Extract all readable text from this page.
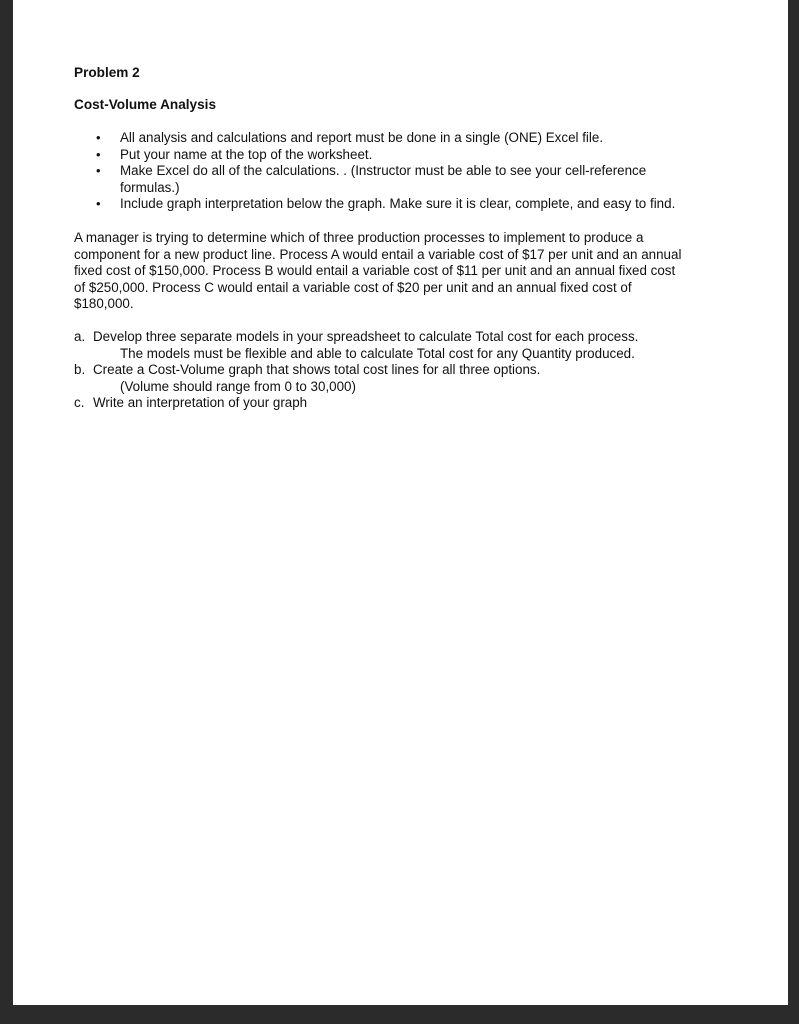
Problem 2
Cost-Volume Analysis
• All analysis and calculations and report must be done in a single (ONE) Excel file.
• Put your name at the top of the worksheet.
• Make Excel do all of the calculations. . (Instructor must be able to see your cell-reference
formulas.)
• Include graph interpretation below the graph. Make sure it is clear, complete, and easy to find.
A manager is trying to determine which of three production processes to implement to produce a
component for a new product line. Process A would entail a variable cost of $17 per unit and an annual
fixed cost of $150,000. Process B would entail a variable cost of $11 per unit and an annual fixed cost
of $250,000. Process C would entail a variable cost of $20 per unit and an annual fixed cost of
$180,000.
a. Develop three separate models in your spreadsheet to calculate Total cost for each process.
The models must be flexible and able to calculate Total cost for any Quantity produced.
b. Create a Cost-Volume graph that shows total cost lines for all three options.
(Volume should range from 0 to 30,000)
c. Write an interpretation of your graph
